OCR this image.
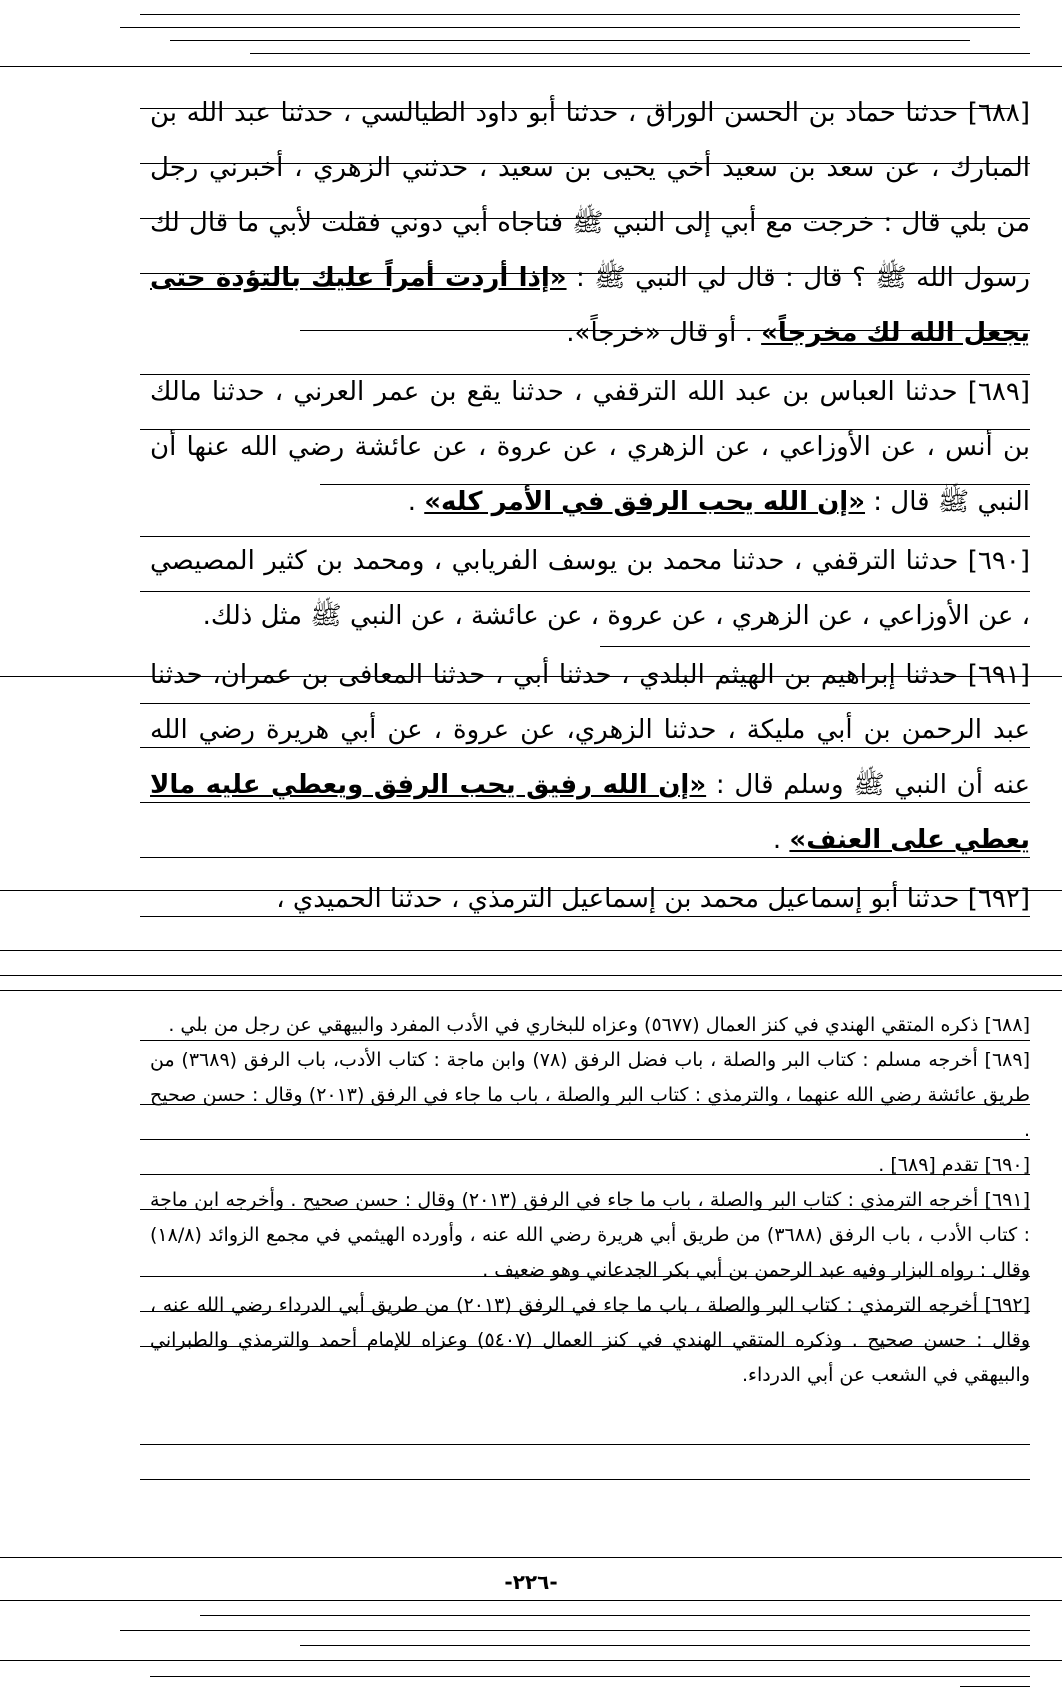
[٦٨٨] حدثنا حماد بن الحسن الوراق ، حدثنا أبو داود الطيالسي ، حدثنا عبد الله بن المبارك ، عن سعد بن سعيد أخي يحيى بن سعيد ، حدثني الزهري ، أخبرني رجل من بلي قال : خرجت مع أبي إلى النبي ﷺ فناجاه أبي دوني فقلت لأبي ما قال لك رسول الله ﷺ ؟ قال : قال لي النبي ﷺ : «إذا أردت أمراً عليك بالتؤدة حتى يجعل الله لك مخرجاً» . أو قال «خرجاً».

[٦٨٩] حدثنا العباس بن عبد الله الترقفي ، حدثنا يقع بن عمر العرني ، حدثنا مالك بن أنس ، عن الأوزاعي ، عن الزهري ، عن عروة ، عن عائشة رضي الله عنها أن النبي ﷺ قال : «إن الله يحب الرفق في الأمر كله» .

[٦٩٠] حدثنا الترقفي ، حدثنا محمد بن يوسف الفريابي ، ومحمد بن كثير المصيصي ، عن الأوزاعي ، عن الزهري ، عن عروة ، عن عائشة ، عن النبي ﷺ مثل ذلك.

[٦٩١] حدثنا إبراهيم بن الهيثم البلدي ، حدثنا أبي ، حدثنا المعافى بن عمران، حدثنا عبد الرحمن بن أبي مليكة ، حدثنا الزهري، عن عروة ، عن أبي هريرة رضي الله عنه أن النبي ﷺ وسلم قال : «إن الله رفيق يحب الرفق ويعطي عليه مالا يعطي على العنف» .

[٦٩٢] حدثنا أبو إسماعيل محمد بن إسماعيل الترمذي ، حدثنا الحميدي ،

[٦٨٨] ذكره المتقي الهندي في كنز العمال (٥٦٧٧) وعزاه للبخاري في الأدب المفرد والبيهقي عن رجل من بلي .

[٦٨٩] أخرجه مسلم : كتاب البر والصلة ، باب فضل الرفق (٧٨) وابن ماجة : كتاب الأدب، باب الرفق (٣٦٨٩) من طريق عائشة رضي الله عنهما ، والترمذي : كتاب البر والصلة ، باب ما جاء في الرفق (٢٠١٣) وقال : حسن صحيح .

[٦٩٠] تقدم [٦٨٩] .

[٦٩١] أخرجه الترمذي : كتاب البر والصلة ، باب ما جاء في الرفق (٢٠١٣) وقال : حسن صحيح . وأخرجه ابن ماجة : كتاب الأدب ، باب الرفق (٣٦٨٨) من طريق أبي هريرة رضي الله عنه ، وأورده الهيثمي في مجمع الزوائد (١٨/٨) وقال : رواه البزار وفيه عبد الرحمن بن أبي بكر الجدعاني وهو ضعيف .

[٦٩٢] أخرجه الترمذي : كتاب البر والصلة ، باب ما جاء في الرفق (٢٠١٣) من طريق أبي الدرداء رضي الله عنه ، وقال : حسن صحيح . وذكره المتقي الهندي في كنز العمال (٥٤٠٧) وعزاه للإمام أحمد والترمذي والطبراني والبيهقي في الشعب عن أبي الدرداء.

-٢٢٦-
